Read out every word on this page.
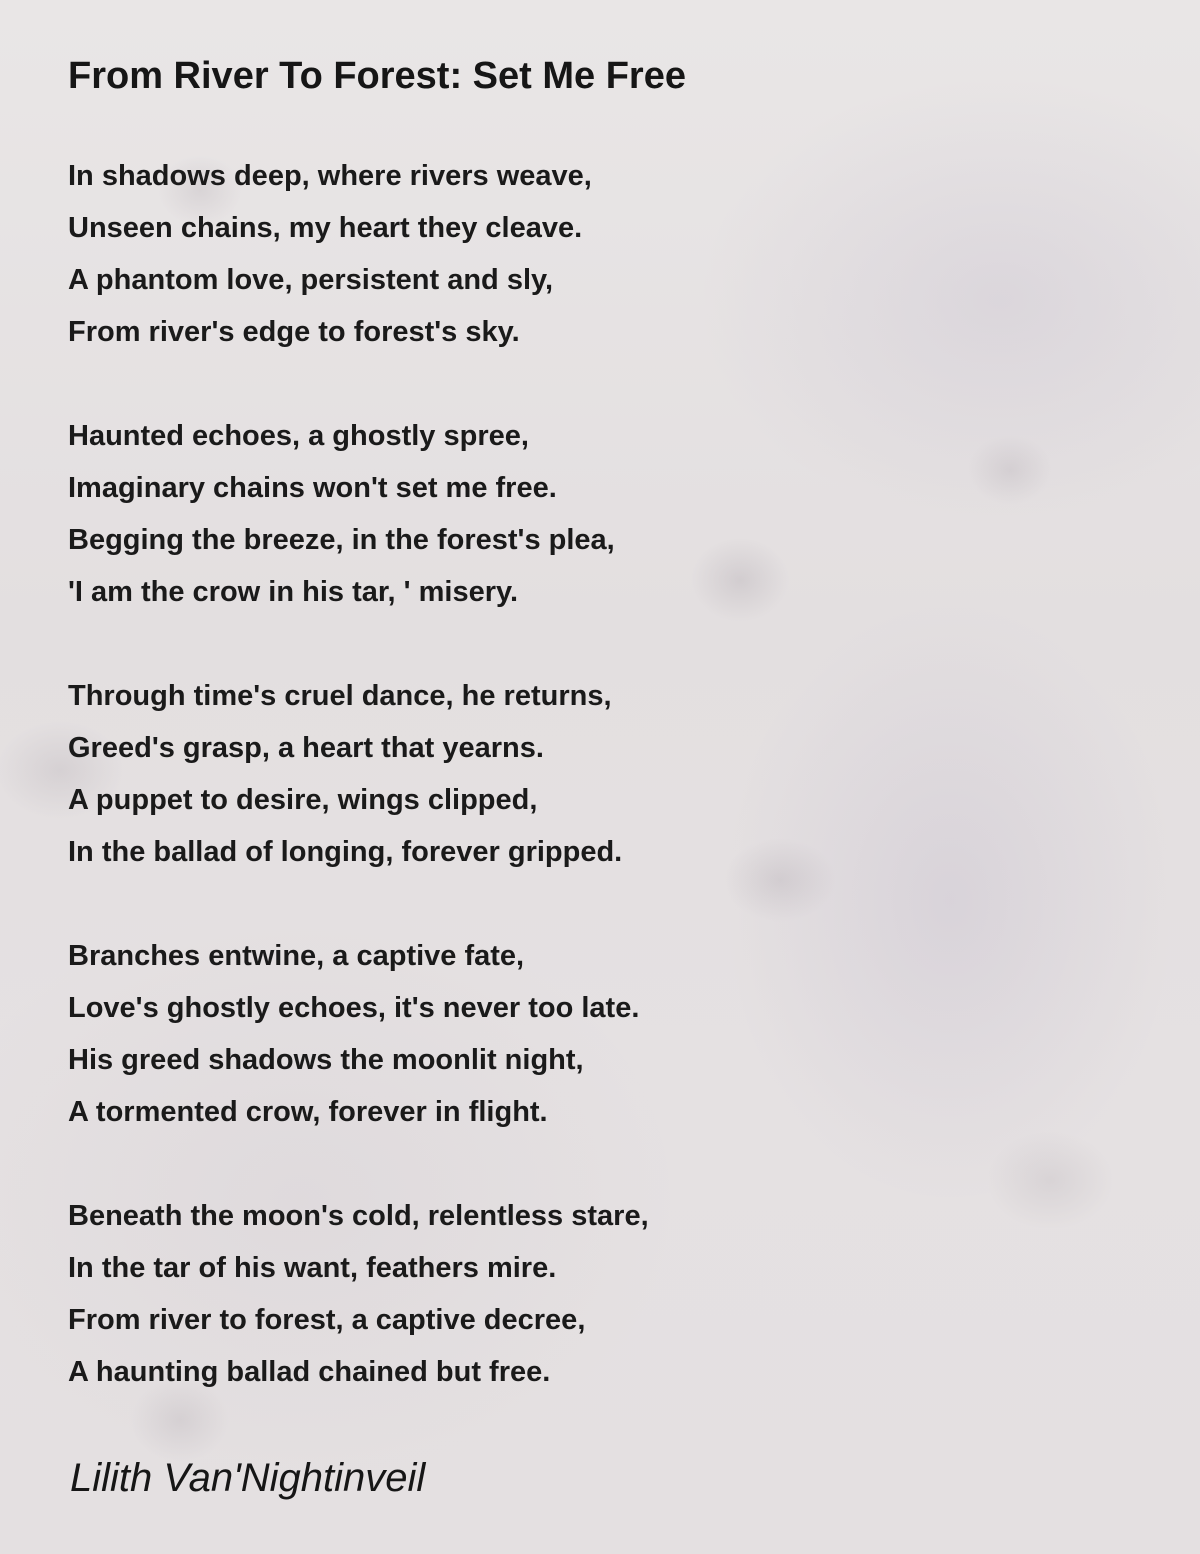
From River To Forest: Set Me Free
In shadows deep, where rivers weave,
Unseen chains, my heart they cleave.
A phantom love, persistent and sly,
From river's edge to forest's sky.
Haunted echoes, a ghostly spree,
Imaginary chains won't set me free.
Begging the breeze, in the forest's plea,
'I am the crow in his tar, ' misery.
Through time's cruel dance, he returns,
Greed's grasp, a heart that yearns.
A puppet to desire, wings clipped,
In the ballad of longing, forever gripped.
Branches entwine, a captive fate,
Love's ghostly echoes, it's never too late.
His greed shadows the moonlit night,
A tormented crow, forever in flight.
Beneath the moon's cold, relentless stare,
In the tar of his want, feathers mire.
From river to forest, a captive decree,
A haunting ballad chained but free.

Lilith Van'Nightinveil
